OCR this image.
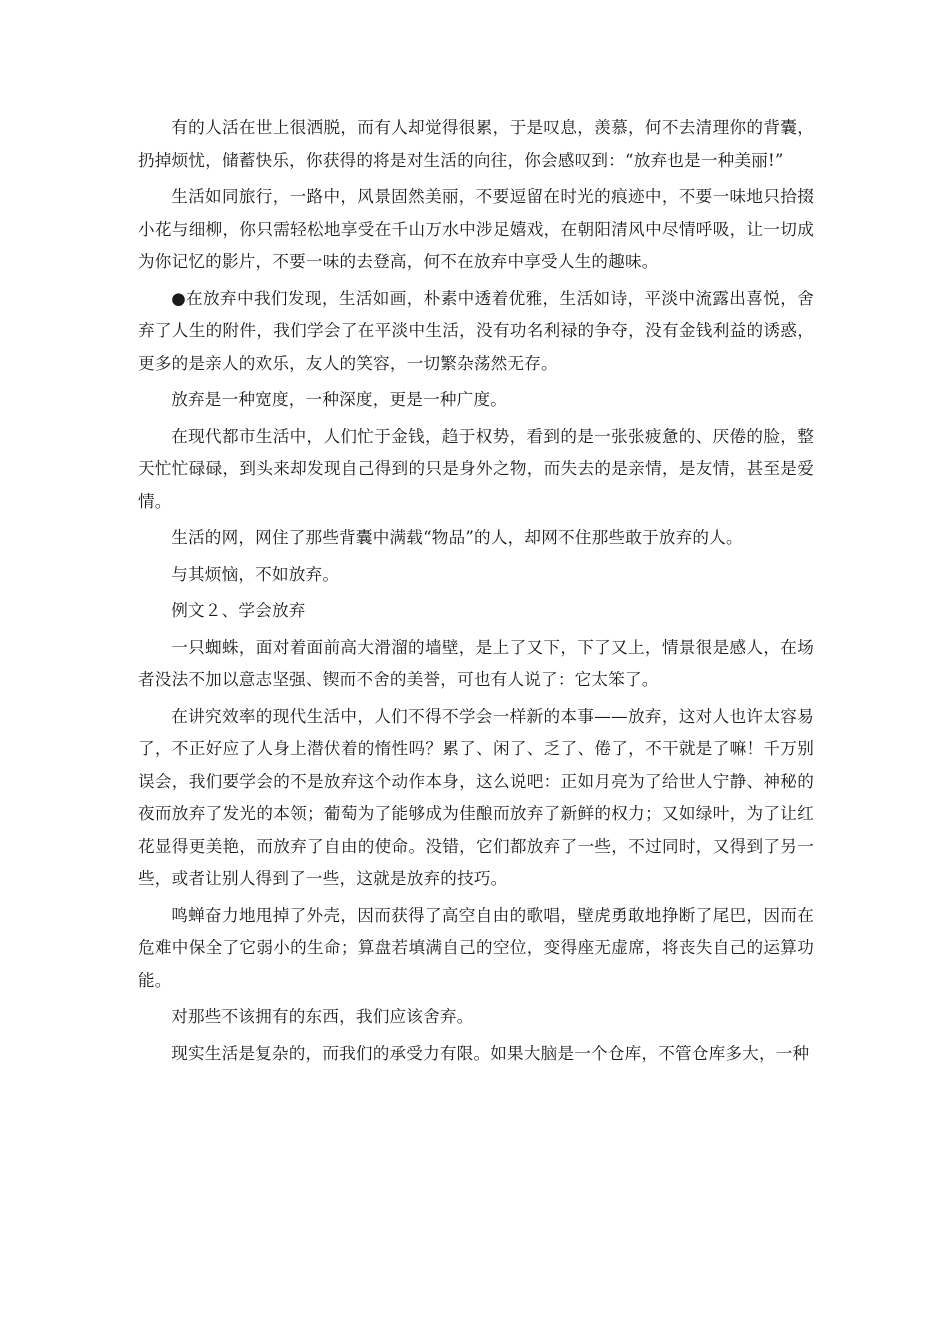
有的人活在世上很洒脱，而有人却觉得很累，于是叹息，羡慕，何不去清理你的背囊，扔掉烦忧，储蓄快乐，你获得的将是对生活的向往，你会感叹到：“放弃也是一种美丽!”

生活如同旅行，一路中，风景固然美丽，不要逗留在时光的痕迹中，不要一味地只拾掇小花与细柳，你只需轻松地享受在千山万水中涉足嬉戏，在朝阳清风中尽情呼吸，让一切成为你记忆的影片，不要一味的去登高，何不在放弃中享受人生的趣味。

●在放弃中我们发现，生活如画，朴素中透着优雅，生活如诗，平淡中流露出喜悦，舍弃了人生的附件，我们学会了在平淡中生活，没有功名利禄的争夺，没有金钱利益的诱惑，更多的是亲人的欢乐，友人的笑容，一切繁杂荡然无存。

放弃是一种宽度，一种深度，更是一种广度。

在现代都市生活中，人们忙于金钱，趋于权势，看到的是一张张疲惫的、厌倦的脸，整天忙忙碌碌，到头来却发现自己得到的只是身外之物，而失去的是亲情，是友情，甚至是爱情。

生活的网，网住了那些背囊中满载“物品”的人，却网不住那些敢于放弃的人。

与其烦恼，不如放弃。

例文２、学会放弃

一只蜘蛛，面对着面前高大滑溜的墙壁，是上了又下，下了又上，情景很是感人，在场者没法不加以意志坚强、锲而不舍的美誉，可也有人说了：它太笨了。

在讲究效率的现代生活中，人们不得不学会一样新的本事——放弃，这对人也许太容易了，不正好应了人身上潜伏着的惰性吗？累了、闲了、乏了、倦了，不干就是了嘛！千万别误会，我们要学会的不是放弃这个动作本身，这么说吧：正如月亮为了给世人宁静、神秘的夜而放弃了发光的本领；葡萄为了能够成为佳酿而放弃了新鲜的权力；又如绿叶，为了让红花显得更美艳，而放弃了自由的使命。没错，它们都放弃了一些，不过同时，又得到了另一些，或者让别人得到了一些，这就是放弃的技巧。

鸣蝉奋力地甩掉了外壳，因而获得了高空自由的歌唱，壁虎勇敢地挣断了尾巴，因而在危难中保全了它弱小的生命；算盘若填满自己的空位，变得座无虚席，将丧失自己的运算功能。

对那些不该拥有的东西，我们应该舍弃。

现实生活是复杂的，而我们的承受力有限。如果大脑是一个仓库，不管仓库多大，一种
